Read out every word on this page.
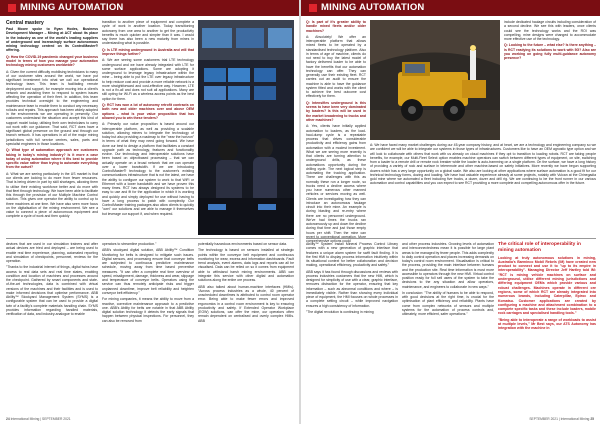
MINING AUTOMATION
Central mastery

Paul Moore spoke to Ryan Hodes, Business Development Manager – Mining at ACT about its place in the industry as one of the world's leading suppliers of underground and increasingly surface autonomous mining technology centred on its ControlMaster® offering.

Q: How the COVID-19 pandemic changed your business model in terms of how you manage your automation technology mining customers worldwide?

A: Given the current difficulty mobilising technicians to many of our customer sites around the world, we have put significant investment into what we call our operational technology team. This team is facilitating remote deployment and support, for example moving into a client's network and assisting them to respond to system issues affecting the operation of their fleet. In addition, this team provides technical oversight to the engineering and maintenance team to enable them to conduct any necessary rollouts and repairs. This approach has been widely adopted in the environments we are operating in presently. Our customers understand the situation and accept this kind of support model today, utilising their own technicians to carry out work with our guidance. That said, RCT does have a significant global presence on the ground and through our branch network. It has operations in all of the major mining jurisdictions with full service centres, sales, parts and specialist engineers in those locations.

Q: What type of automation approach are customers taking in today's mining industry? Is it more a case today of using automation where it fits best to provide specific value rather than trying to automate everything from the outset?

A: What we are seeing particularly in the US market is that our clients are looking to do more from fewer resources. That is being driven in part by skill shortages, allowing them to utilise their existing workforce better and do more with that fleet through technology. We have been able to facilitate this through the provision of our Multiple Machine Control solution. This gives one operator the ability to control up to three machines at one time. We have also seen more focus on the digitalisation of the mining environment. We see a value to connect a piece of autonomous equipment and complete a cycle of work and then quickly

transition to another piece of equipment and complete a cycle of work in another location. Today transitioning autonomy from one area to another to get the productivity benefits is much quicker and simpler than it was. I would say there has also been a new maturity from mines in understanding what is possible.

Q: Is LTE mining underground in Australia and will that improve things further?

A: We are seeing some customers trial LTE technology underground and we have already integrated with LTE for some surface applications. Some are adopting it underground to leverage legacy infrastructure within the mine – being able to put the LTE over legacy infrastructure to help reduce cost and provide a more reliable network is a more straightforward and cost-effective way. However, LTE is not a fix-all and does not suit all applications. Many are still opting for Wi-Fi as a wireless access points as the best option for them.

Q: RCT has won a lot of autonomy retrofit contracts on both new and older machines over and above OEM options – what is your value proposition that has allowed you to win these tenders?

A: Primarily our value proposition is based around our interoperable platform, as well as providing a scalable solution, allowing miners to integrate the technology of today but also providing a roadmap to the "near the horizon" in terms of what they may need going forward. We have done our best to design a platform that facilitates a constant upgrade path as technology, features and functionality evolve. Our technology and interoperable solutions have been based on objectbased processing – that we can actually operate on a broad network that we can operate over a lower bandwidth. If we are introducing ControlMaster® technology to the customer's existing communications infrastructure that is not the latest, we have the ability to configure our system to work to that WiFi or Ethernet with a lower bandwidth and we have proven this many times. RCT has always designed its systems to be easy to use and fit for the application in which it is working and quickly and simply deployed for use without having to have a long process to patch with complexity. Our ControlMaster training packages also allow clients to quickly "own" our solutions and are able to manage it themselves but leverage our support if, and when required.

devices that are used in our simulation trainers and after actual devices are tried and deployed – are being used to enable real time experience, planning, automated reporting and simulation of checkpoints, personnel, reviews for the operation.

"Thanks to the industrial internet of things, digital twins have access to real data sets and real time states, enabling condition and location of machines and processes around the checkpoint. Gathered by smart components and state-of-the-art technologies, data is combined with virtual versions of the machines and their facilities and is used to make informed decisions that optimise performance. ABB Ability™ Stockyard Management System (SYMS) is a configurable system that can be used to provide a digital twin of a facility's complete materials handling chain. SYMS provides information regarding handled materials, verification of data, and industry-analogue to enable

operators to streamline production."

ABB's stockyard digital solution, ABB Ability™ Condition Monitoring for belts is designed to mitigate such issues. Digital sensors, and processing ensure that conveyor belts are subjected to continuous predictive maintenance schedule, moving away from time based preventive measures. "It can offer a complete real time overview of speed, misalignment, damage, thickness and wear, slippage and temperature of conveyor belts. Operators using the service can thus remotely anticipate risks and trigger unplanned downtime, improve belt reliability and heighten conveyor belt efficiency."

For mining companies, it means the ability to move from a reactive, corrective maintenance approach to a predictive one. ABB's Ability for belts are notable in that ABB Ability digital solution technology it detects the early signals that happen between physical inspections. For personnel, they can also be removed from

potentially hazardous environments based on sensor data.

The technology is based on sensors installed at strategic points within the conveyor belt equipment and continuous monitoring for wear, excess and information dashboards. Fault trend analysis, event alarms, data logs and reports can all be visualised. Data can be relied on so it comes from equipment able to withstand harsh mining environments. ABB can integrate this service with other digital and automation solutions along the entire ore process.

ABB also talked about human-machine interfaces (HMIs). "Across process industries as a whole, 40 percent of unscheduled downtimes is attributed to control room operator error. Being able to make fewer errors and improved ergonomics in a control room environment is key to ensuring productivity and safety. If Extended Operator Workplace (EOW) solutions, can offer the mine, our operators often remain dependent on centralised and overly complex HMIs. ABB

24 International Mining | SEPTEMBER 2021
MINING AUTOMATION

Q: Is part of it's greater ability to handle mixed fleets and/or older machines?

A: Absolutely! We offer an interoperable platform that allows mixed fleets to be operated by a standardised technology platform. Also in terms of age of machine, clients do not need to buy the latest model of factory delivered loader to be able to have the benefits that our automation technology can offer. They can generally use their existing fleet. RCT carries out an audit to ensure the machine is able to have the guidance system fitted and works with the client to achieve the best outcome cost effectively for them.

Q: Intensifies underground is this seems to have been very dominated by loaders? Is this will be used in the market broadening to trucks and other machines?

A: Yes, clients have initially applied automation to loaders, as the load-haul-dump cycle is a repeatable process that drives considerable productivity and efficiency gains from automation with a modest investment. What we are seeing more recently is that clients are turning attention to underground drills, as these automations opportunity during the drilling cycle. The next logical step is automating the trucking application. There are challenges with this as normally these run a longer route, so trucks need a decline access where you have numerous other manned vehicles or services moving as well. Clients are investigating how they can introduce an autonomous haulage circuit into their mine. An example is during blasting and re-entry where there are no personnel underground. We've had times the trucks ran autonomously up and down the decline during that time and just those empty hours per shift. Then the mine can revert to conventional operation. More comprehensive options could

include dedicated haulage circuits including consideration of a second decline. We see this with leaders, once clients could see the technology works and the ROI was compelling, mine designs were changed to accommodate more effective use of the technology.

Q: Looking to the future – what else? Is there anything – is RCT readying its solutions to work with 5G? Also are you working on going fully multi-guidance autonomy presence?

A: We have faced many market challenges during our 45-year company history, and at heart, we are a technology and engineering company so we are confident we will be able to integrate our systems in those types of infrastructures. Customers like to have an OEM agnostic type option and we will look to collaborate with others that work with us already on cloud machines if they opt to transition to loading robots. RCT are taking people benefits, for example, our Multi-Fleet Select option enables machine operators can switch between different types of equipment, on site, switching from a loader to a remote drill or remote rock breaker while the loader is auto-tramming on a single platform. On the surface, we have a long history of providing a variety of rock and surface in teleremote and other machine-based on safety initiatives. More recently we have begun supporting dozers which has a very large opportunity on a global scale. We also are looking at other applications where surface automation is a good fit for our technical technology forms, dozing and loading. We have had valuable experience already at some projects, notably with Vulcan at the Chinegadia gold mine where we automated a fleet including five trucks, a dozer, dozer and drill rig. We are continuing to be the front runner in our various automation and control capabilities and you can expect to see RCT providing a more complete and compelling autonomous offer in the future.

Ability™ System Install Mineral Process Control Library comes with a new generation of graphic interface that features a unique alarm system for swift fault finding. It is the first HMI to display process information intuitively within its situational context for better collaboration and decision making, operational efficiency, productivity and safety."

ABB says it has found through discussions and reviews with process industries customers that the new HMI, which is designed for simplicity of use with a clear, graphic interface, removes distraction for the operator, ensuring that key information – such as abnormal conditions and where – is immediately visible. Rather than showing every individual piece of equipment, the HMI focuses on whole processes in a complete setting circuit – while improved navigation ensures a high consistency of information.

"The digital revolution is continuing in mining

and other process industries. Growing levels of automation and interconnectedness mean it is possible for large plant areas to be managed by fewer people. This adds complexity to daily control operation and places increasing demands on today's control room environment. Visualisation is critical to the process, providing the main interface between humans and the production site. Real time information is most more accessible to operators through the new HMI. Virtual control position ready for full sell users of the system to take the decisions to the any situation and allow operators, maintenance, and engineers to collaborate in new ways."

In conclusion: "The ability of humans to be able to respond, with good decisions at the right time, is crucial for the optimisation of plant efficiency and reliability. Plants have come from complex networks of sensors and multiple systems for the automation of process controls and, ultimately, more efficient, safer operations."

The critical role of interoperability in mining automation

Looking at truly autonomous solutions in mining, Australia's Barminco Mobil Rebels (IM) have created new product to connect and use it to "up to its empire in interoperability". Managing Director Jeff Hartley told IM: "RCT is mining vehicle machines on surface and underground, utilise different mining jurisdictions and differing equipment OEMs which provide various and robust challenges. Machines operate in different ore regions, some of which RCT are already integrated into numerous brands, including Caterpillar, Epiroc and Komatsu. Customer applications are created by configuring a machine and attachment combination to a complete specific tasks and these include loaders, mobile rock carriages and specialised handling tools."

"Being able to interoperate a range of workloads to assist at multiple levels," Mr Best says, our ATS Autonomy has integration with the machine in

SEPTEMBER 2021 | International Mining 25
